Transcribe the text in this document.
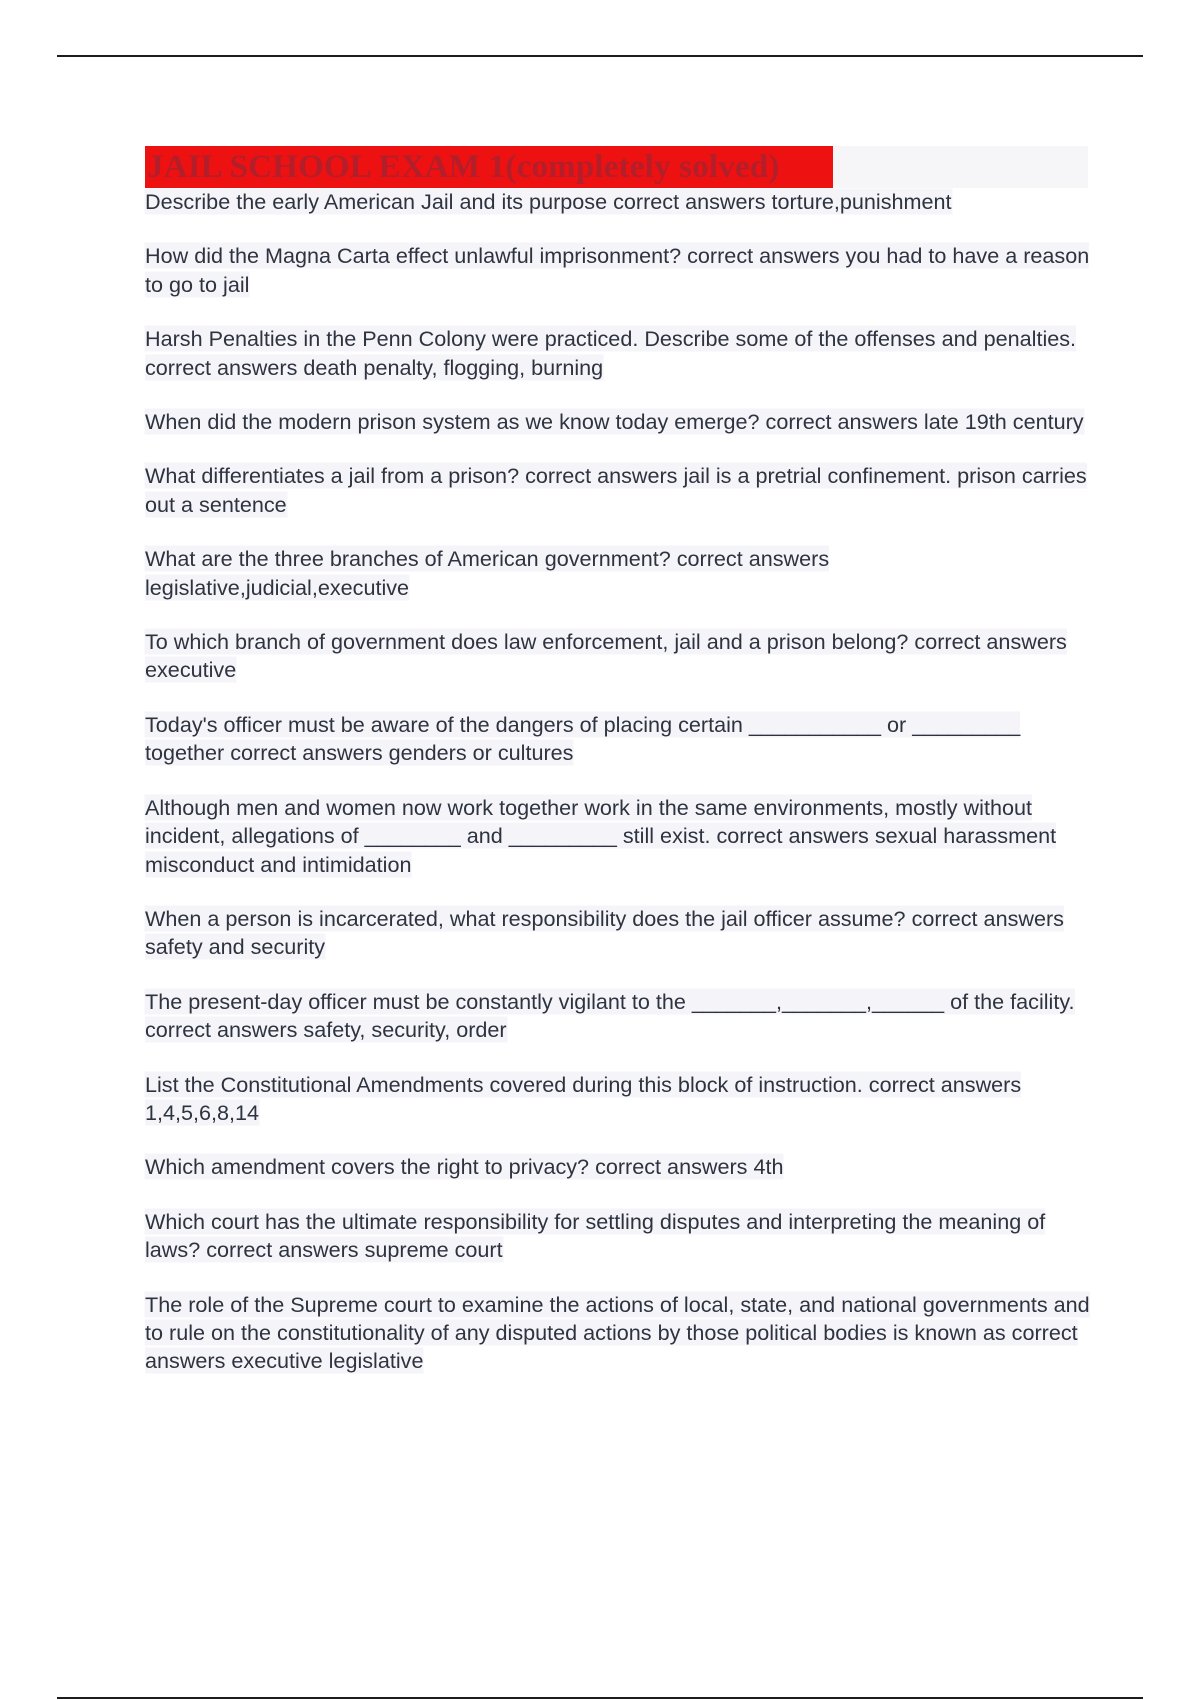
JAIL SCHOOL EXAM 1(completely solved)

Describe the early American Jail and its purpose correct answers torture,punishment

How did the Magna Carta effect unlawful imprisonment? correct answers you had to have a reason to go to jail

Harsh Penalties in the Penn Colony were practiced. Describe some of the offenses and penalties. correct answers death penalty, flogging, burning

When did the modern prison system as we know today emerge? correct answers late 19th century

What differentiates a jail from a prison? correct answers jail is a pretrial confinement. prison carries out a sentence

What are the three branches of American government? correct answers legislative,judicial,executive

To which branch of government does law enforcement, jail and a prison belong? correct answers executive

Today's officer must be aware of the dangers of placing certain ___________ or _________ together correct answers genders or cultures

Although men and women now work together work in the same environments, mostly without incident, allegations of ________ and _________ still exist. correct answers sexual harassment misconduct and intimidation

When a person is incarcerated, what responsibility does the jail officer assume? correct answers safety and security

The present-day officer must be constantly vigilant to the _______,_______,______ of the facility. correct answers safety, security, order

List the Constitutional Amendments covered during this block of instruction. correct answers 1,4,5,6,8,14

Which amendment covers the right to privacy? correct answers 4th

Which court has the ultimate responsibility for settling disputes and interpreting the meaning of laws? correct answers supreme court

The role of the Supreme court to examine the actions of local, state, and national governments and to rule on the constitutionality of any disputed actions by those political bodies is known as correct answers executive legislative
